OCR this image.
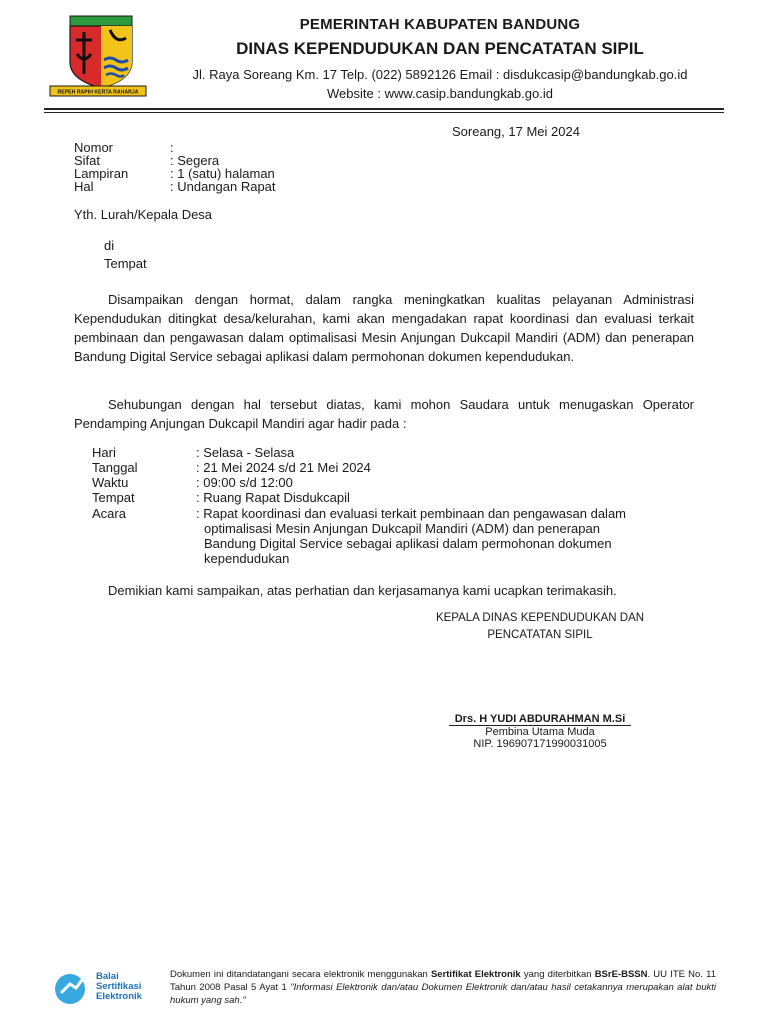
REPEH RAPIH KERTA RAHARJA
PEMERINTAH KABUPATEN BANDUNG
DINAS KEPENDUDUKAN DAN PENCATATAN SIPIL
Jl. Raya Soreang Km. 17 Telp. (022) 5892126 Email : disdukcasip@bandungkab.go.id
Website : www.casip.bandungkab.go.id
Soreang, 17 Mei 2024
Nomor	:
Sifat	: Segera
Lampiran	: 1 (satu) halaman
Hal	: Undangan Rapat
Yth. Lurah/Kepala Desa
di
Tempat
Disampaikan dengan hormat, dalam rangka meningkatkan kualitas pelayanan Administrasi Kependudukan ditingkat desa/kelurahan, kami akan mengadakan rapat koordinasi dan evaluasi terkait pembinaan dan pengawasan dalam optimalisasi Mesin Anjungan Dukcapil Mandiri (ADM) dan penerapan Bandung Digital Service sebagai aplikasi dalam permohonan dokumen kependudukan.
Sehubungan dengan hal tersebut diatas, kami mohon Saudara untuk menugaskan Operator Pendamping Anjungan Dukcapil Mandiri agar hadir pada :
Hari	: Selasa - Selasa
Tanggal	: 21 Mei 2024 s/d 21 Mei 2024
Waktu	: 09:00 s/d 12:00
Tempat	: Ruang Rapat Disdukcapil
Acara	: Rapat koordinasi dan evaluasi terkait pembinaan dan pengawasan dalam optimalisasi Mesin Anjungan Dukcapil Mandiri (ADM) dan penerapan Bandung Digital Service sebagai aplikasi dalam permohonan dokumen kependudukan
Demikian kami sampaikan, atas perhatian dan kerjasamanya kami ucapkan terimakasih.
KEPALA DINAS KEPENDUDUKAN DAN
PENCATATAN SIPIL
Drs. H YUDI ABDURAHMAN M.Si
Pembina Utama Muda
NIP. 196907171990031005
Balai
Sertifikasi
Elektronik
Dokumen ini ditandatangani secara elektronik menggunakan Sertifikat Elektronik yang diterbitkan BSrE-BSSN. UU ITE No. 11 Tahun 2008 Pasal 5 Ayat 1 "Informasi Elektronik dan/atau Dokumen Elektronik dan/atau hasil cetakannya merupakan alat bukti hukum yang sah."
